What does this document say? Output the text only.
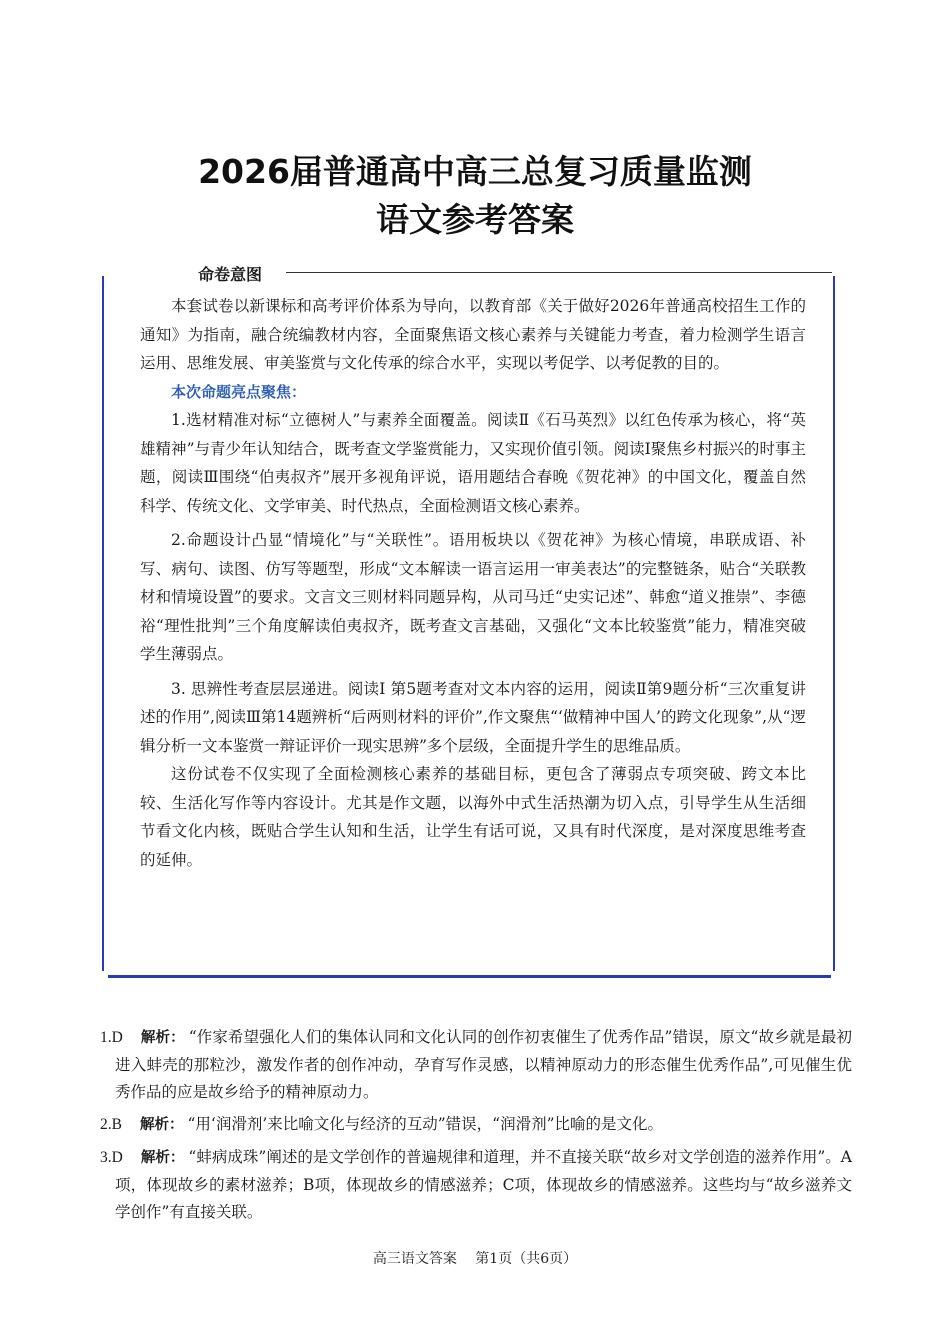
2026届普通高中高三总复习质量监测
语文参考答案
命卷意图

本套试卷以新课标和高考评价体系为导向，以教育部《关于做好2026年普通高校招生工作的通知》为指南，融合统编教材内容，全面聚焦语文核心素养与关键能力考查，着力检测学生语言运用、思维发展、审美鉴赏与文化传承的综合水平，实现以考促学、以考促教的目的。

本次命题亮点聚焦：

1.选材精准对标“立德树人”与素养全面覆盖。阅读Ⅱ《石马英烈》以红色传承为核心，将“英雄精神”与青少年认知结合，既考查文学鉴赏能力，又实现价值引领。阅读Ⅰ聚焦乡村振兴的时事主题，阅读Ⅲ围绕“伯夷叔齐”展开多视角评说，语用题结合春晚《贺花神》的中国文化，覆盖自然科学、传统文化、文学审美、时代热点，全面检测语文核心素养。

2.命题设计凸显“情境化”与“关联性”。语用板块以《贺花神》为核心情境，串联成语、补写、病句、读图、仿写等题型，形成“文本解读一语言运用一审美表达”的完整链条，贴合“关联教材和情境设置”的要求。文言文三则材料同题异构，从司马迁“史实记述”、韩愈“道义推崇”、李德裕“理性批判”三个角度解读伯夷叔齐，既考查文言基础，又强化“文本比较鉴赏”能力，精准突破学生薄弱点。

3. 思辨性考查层层递进。阅读Ⅰ 第5题考查对文本内容的运用，阅读Ⅱ第9题分析“三次重复讲述的作用”,阅读Ⅲ第14题辨析“后两则材料的评价”,作文聚焦“‘做精神中国人’的跨文化现象”,从“逻辑分析一文本鉴赏一辩证评价一现实思辨”多个层级，全面提升学生的思维品质。

这份试卷不仅实现了全面检测核心素养的基础目标，更包含了薄弱点专项突破、跨文本比较、生活化写作等内容设计。尤其是作文题，以海外中式生活热潮为切入点，引导学生从生活细节看文化内核，既贴合学生认知和生活，让学生有话可说，又具有时代深度，是对深度思维考查的延伸。

1.D 解析： “作家希望强化人们的集体认同和文化认同的创作初衷催生了优秀作品”错误，原文“故乡就是最初进入蚌壳的那粒沙，激发作者的创作冲动，孕育写作灵感，以精神原动力的形态催生优秀作品”,可见催生优秀作品的应是故乡给予的精神原动力。

2.B 解析： “用‘润滑剂’来比喻文化与经济的互动”错误，“润滑剂”比喻的是文化。

3.D 解析： “蚌病成珠”阐述的是文学创作的普遍规律和道理，并不直接关联“故乡对文学创造的滋养作用”。A项，体现故乡的素材滋养；B项，体现故乡的情感滋养；C项，体现故乡的情感滋养。这些均与“故乡滋养文学创作”有直接关联。

高三语文答案　 第1页（共6页）
